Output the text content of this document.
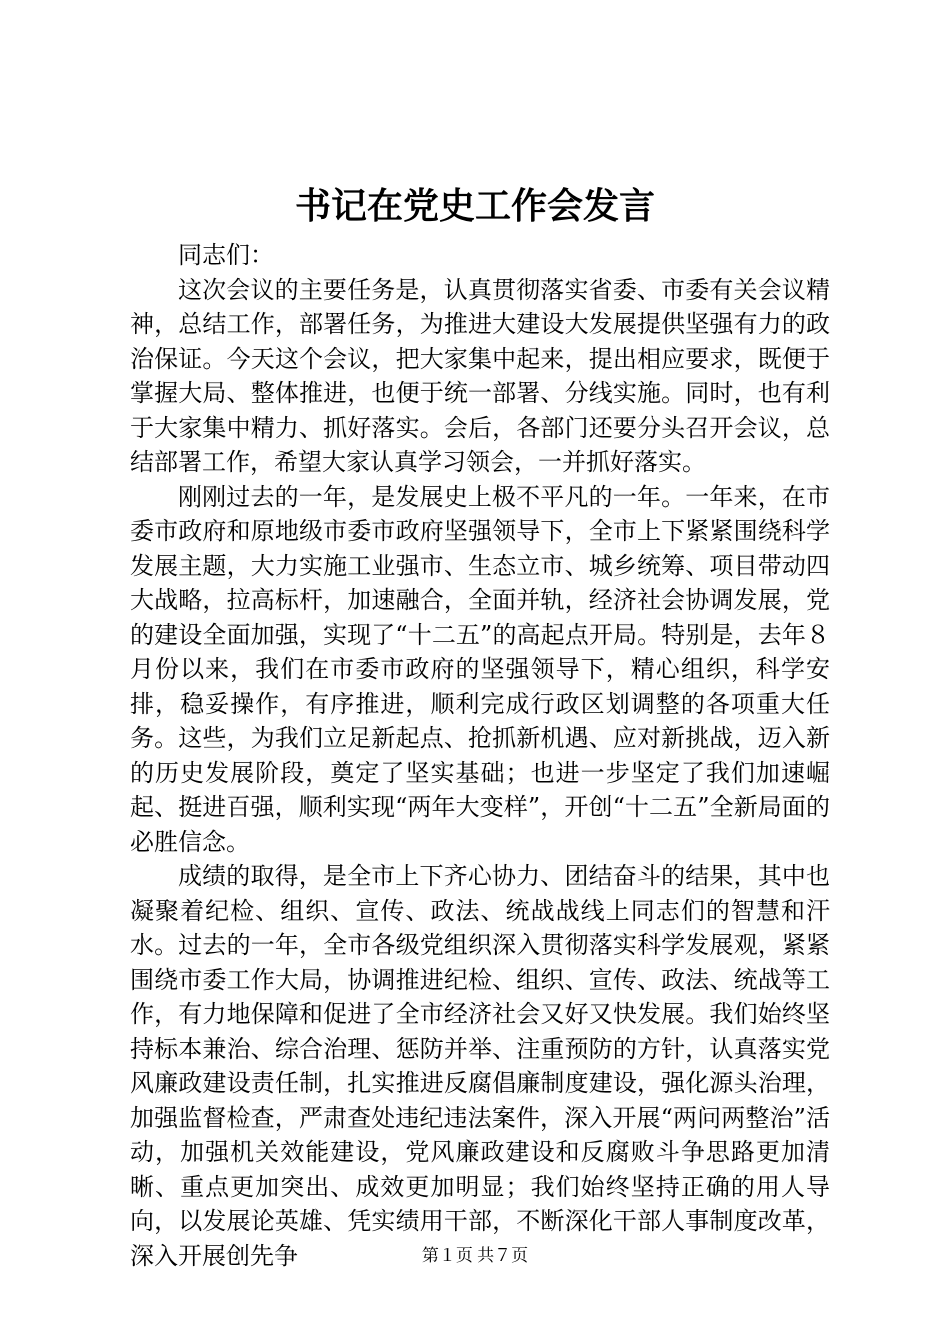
书记在党史工作会发言

同志们：

这次会议的主要任务是，认真贯彻落实省委、市委有关会议精神，总结工作，部署任务，为推进大建设大发展提供坚强有力的政治保证。今天这个会议，把大家集中起来，提出相应要求，既便于掌握大局、整体推进，也便于统一部署、分线实施。同时，也有利于大家集中精力、抓好落实。会后，各部门还要分头召开会议，总结部署工作，希望大家认真学习领会，一并抓好落实。

刚刚过去的一年，是发展史上极不平凡的一年。一年来，在市委市政府和原地级市委市政府坚强领导下，全市上下紧紧围绕科学发展主题，大力实施工业强市、生态立市、城乡统筹、项目带动四大战略，拉高标杆，加速融合，全面并轨，经济社会协调发展，党的建设全面加强，实现了“十二五”的高起点开局。特别是，去年８月份以来，我们在市委市政府的坚强领导下，精心组织，科学安排，稳妥操作，有序推进，顺利完成行政区划调整的各项重大任务。这些，为我们立足新起点、抢抓新机遇、应对新挑战，迈入新的历史发展阶段，奠定了坚实基础；也进一步坚定了我们加速崛起、挺进百强，顺利实现“两年大变样”，开创“十二五”全新局面的必胜信念。

成绩的取得，是全市上下齐心协力、团结奋斗的结果，其中也凝聚着纪检、组织、宣传、政法、统战战线上同志们的智慧和汗水。过去的一年，全市各级党组织深入贯彻落实科学发展观，紧紧围绕市委工作大局，协调推进纪检、组织、宣传、政法、统战等工作，有力地保障和促进了全市经济社会又好又快发展。我们始终坚持标本兼治、综合治理、惩防并举、注重预防的方针，认真落实党风廉政建设责任制，扎实推进反腐倡廉制度建设，强化源头治理，加强监督检查，严肃查处违纪违法案件，深入开展“两问两整治”活动，加强机关效能建设，党风廉政建设和反腐败斗争思路更加清晰、重点更加突出、成效更加明显；我们始终坚持正确的用人导向，以发展论英雄、凭实绩用干部，不断深化干部人事制度改革，深入开展创先争	第１页 共７页
